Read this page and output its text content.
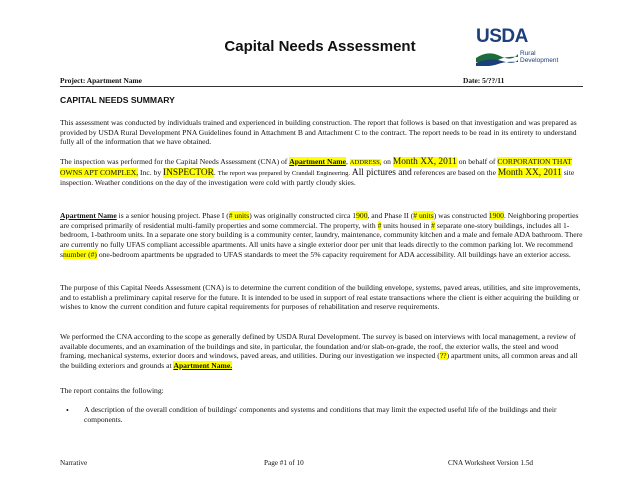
Capital Needs Assessment	USDA
Rural
Development
Project: Apartment Name	Date: 5/??/11
CAPITAL NEEDS SUMMARY

This assessment was conducted by individuals trained and experienced in building construction. The report that follows is based on that investigation and was prepared as provided by USDA Rural Development PNA Guidelines found in Attachment B and Attachment C to the contract. The report needs to be read in its entirety to understand fully all of the information that we have obtained.

The inspection was performed for the Capital Needs Assessment (CNA) of Apartment Name, ADDRESS, on Month XX, 2011 on behalf of CORPORATION THAT OWNS APT COMPLEX, Inc. by INSPECTOR. The report was prepared by Crandall Engineering. All pictures and references are based on the Month XX, 2011 site inspection. Weather conditions on the day of the investigation were cold with partly cloudy skies.

Apartment Name is a senior housing project. Phase I (# units) was originally constructed circa 1900, and Phase II (# units) was constructed 1900. Neighboring properties are comprised primarily of residential multi-family properties and some commercial. The property, with # units housed in # separate one-story buildings, includes all 1-bedroom, 1-bathroom units. In a separate one story building is a community center, laundry, maintenance, community kitchen and a male and female ADA bathroom. There are currently no fully UFAS compliant accessible apartments. All units have a single exterior door per unit that leads directly to the common parking lot. We recommend snumber (#) one-bedroom apartments be upgraded to UFAS standards to meet the 5% capacity requirement for ADA accessibility. All buildings have an exterior access.

The purpose of this Capital Needs Assessment (CNA) is to determine the current condition of the building envelope, systems, paved areas, utilities, and site improvements, and to establish a preliminary capital reserve for the future. It is intended to be used in support of real estate transactions where the client is either acquiring the building or wishes to know the current condition and future capital requirements for purposes of rehabilitation and reserve requirements.

We performed the CNA according to the scope as generally defined by USDA Rural Development. The survey is based on interviews with local management, a review of available documents, and an examination of the buildings and site, in particular, the foundation and/or slab-on-grade, the roof, the exterior walls, the steel and wood framing, mechanical systems, exterior doors and windows, paved areas, and utilities. During our investigation we inspected (??) apartment units, all common areas and all the building exteriors and grounds at Apartment Name.

The report contains the following:

• A description of the overall condition of buildings' components and systems and conditions that may limit the expected useful life of the buildings and their components.

Narrative	Page #1 of 10	CNA Worksheet Version 1.5d
